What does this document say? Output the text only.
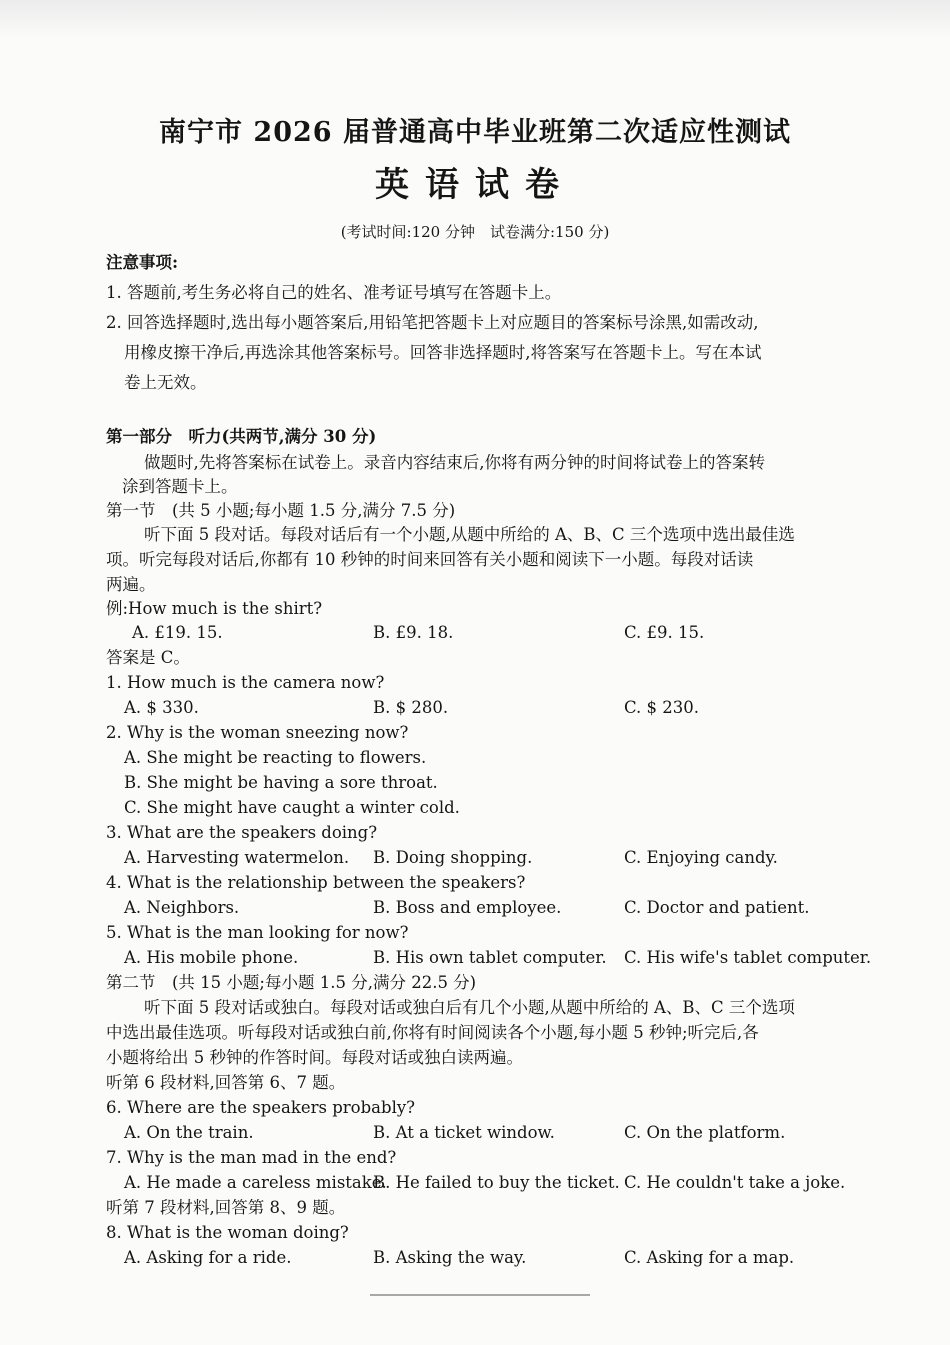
南宁市 2026 届普通高中毕业班第二次适应性测试
英语试卷
(考试时间:120 分钟　试卷满分:150 分)
注意事项:
1. 答题前,考生务必将自己的姓名、准考证号填写在答题卡上。
2. 回答选择题时,选出每小题答案后,用铅笔把答题卡上对应题目的答案标号涂黑,如需改动,
用橡皮擦干净后,再选涂其他答案标号。回答非选择题时,将答案写在答题卡上。写在本试
卷上无效。
第一部分　听力(共两节,满分 30 分)
做题时,先将答案标在试卷上。录音内容结束后,你将有两分钟的时间将试卷上的答案转
涂到答题卡上。
第一节　(共 5 小题;每小题 1.5 分,满分 7.5 分)
听下面 5 段对话。每段对话后有一个小题,从题中所给的 A、B、C 三个选项中选出最佳选
项。听完每段对话后,你都有 10 秒钟的时间来回答有关小题和阅读下一小题。每段对话读
两遍。
例:How much is the shirt?
A. £19. 15.	B. £9. 18.	C. £9. 15.
答案是 C。
1. How much is the camera now?
A. $ 330.	B. $ 280.	C. $ 230.
2. Why is the woman sneezing now?
A. She might be reacting to flowers.
B. She might be having a sore throat.
C. She might have caught a winter cold.
3. What are the speakers doing?
A. Harvesting watermelon. B. Doing shopping.	C. Enjoying candy.
4. What is the relationship between the speakers?
A. Neighbors.	B. Boss and employee.	C. Doctor and patient.
5. What is the man looking for now?
A. His mobile phone.	B. His own tablet computer. C. His wife's tablet computer.
第二节　(共 15 小题;每小题 1.5 分,满分 22.5 分)
听下面 5 段对话或独白。每段对话或独白后有几个小题,从题中所给的 A、B、C 三个选项
中选出最佳选项。听每段对话或独白前,你将有时间阅读各个小题,每小题 5 秒钟;听完后,各
小题将给出 5 秒钟的作答时间。每段对话或独白读两遍。
听第 6 段材料,回答第 6、7 题。
6. Where are the speakers probably?
A. On the train.	B. At a ticket window.	C. On the platform.
7. Why is the man mad in the end?
A. He made a careless mistake.
B. He failed to buy the ticket. C. He couldn't take a joke.
听第 7 段材料,回答第 8、9 题。
8. What is the woman doing?
A. Asking for a ride.	B. Asking the way.	C. Asking for a map.
